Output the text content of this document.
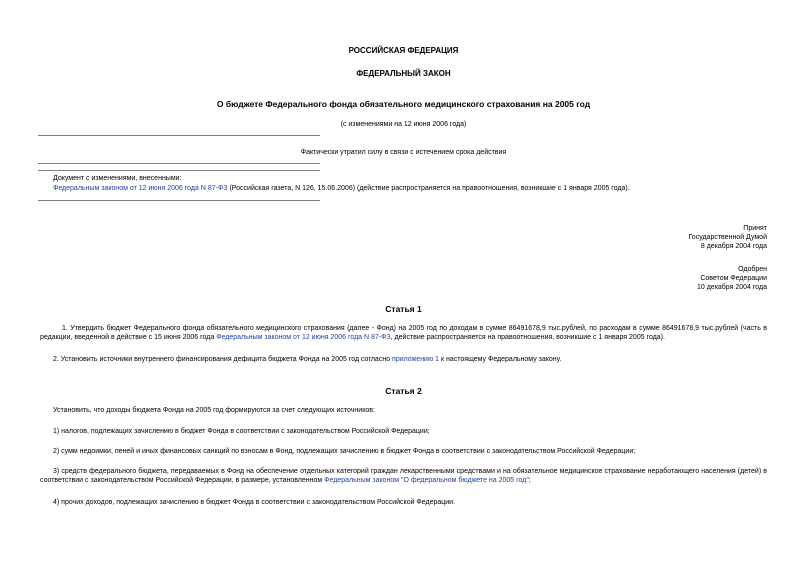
РОССИЙСКАЯ ФЕДЕРАЦИЯ
ФЕДЕРАЛЬНЫЙ ЗАКОН
О бюджете Федерального фонда обязательного медицинского страхования на 2005 год
(с изменениями на 12 июня 2006 года)
Фактически утратил силу в связи с истечением срока действия
Документ с изменениями, внесенными:
Федеральным законом от 12 июня 2006 года N 87-ФЗ (Российская газета, N 126, 15.06.2006) (действие распространяется на правоотношения, возникшие с 1 января 2005 года).
Принят
Государственной Думой
8 декабря 2004 года
Одобрен
Советом Федерации
10 декабря 2004 года
Статья 1
1. Утвердить бюджет Федерального фонда обязательного медицинского страхования (далее - Фонд) на 2005 год по доходам в сумме 86491678,9 тыс.рублей, по расходам в сумме 86491678,9 тыс.рублей (часть в редакции, введенной в действие с 15 июня 2006 года Федеральным законом от 12 июня 2006 года N 87-ФЗ, действие распространяется на правоотношения, возникшие с 1 января 2005 года).
2. Установить источники внутреннего финансирования дефицита бюджета Фонда на 2005 год согласно приложению 1 к настоящему Федеральному закону.
Статья 2
Установить, что доходы бюджета Фонда на 2005 год формируются за счет следующих источников:
1) налогов, подлежащих зачислению в бюджет Фонда в соответствии с законодательством Российской Федерации;
2) сумм недоимки, пеней и иных финансовых санкций по взносам в Фонд, подлежащих зачислению в бюджет Фонда в соответствии с законодательством Российской Федерации;
3) средств федерального бюджета, передаваемых в Фонд на обеспечение отдельных категорий граждан лекарственными средствами и на обязательное медицинское страхование неработающего населения (детей) в соответствии с законодательством Российской Федерации, в размере, установленном Федеральным законом "О федеральном бюджете на 2005 год";
4) прочих доходов, подлежащих зачислению в бюджет Фонда в соответствии с законодательством Российской Федерации.
